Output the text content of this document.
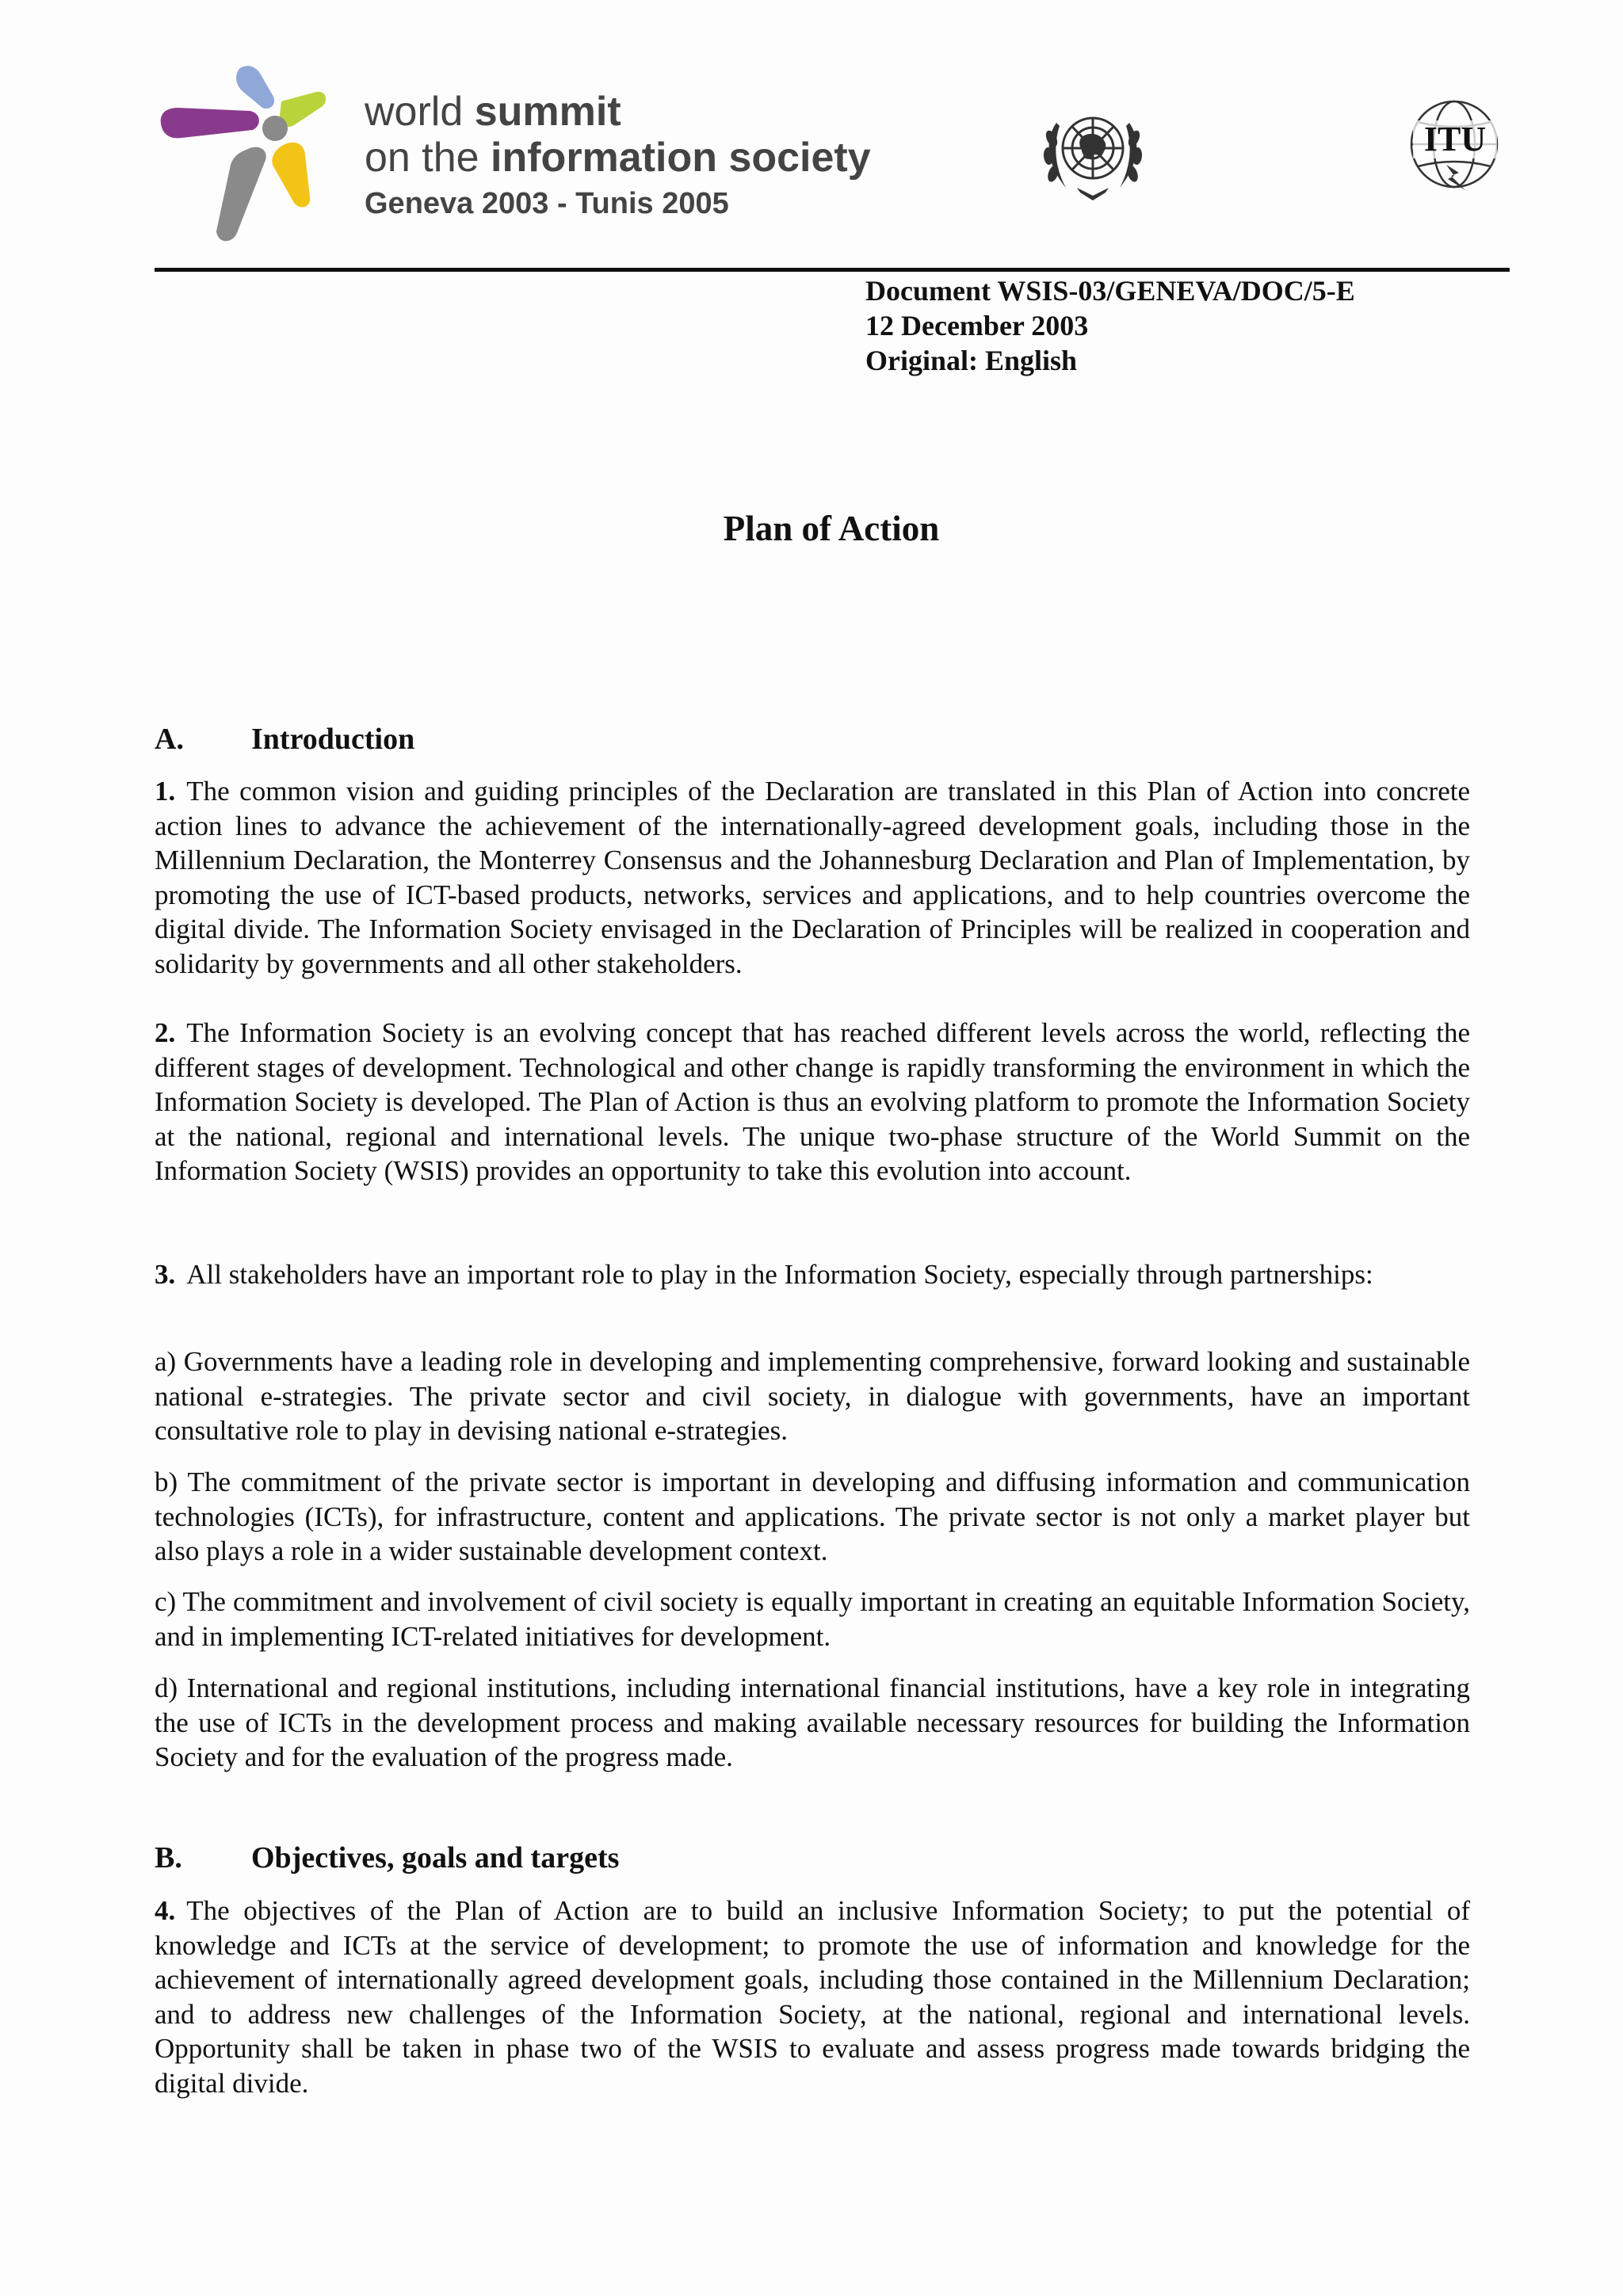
world summit
on the information society
Geneva 2003 - Tunis 2005
ITU
Document WSIS-03/GENEVA/DOC/5-E
12 December 2003
Original: English
Plan of Action
A. Introduction
1. The common vision and guiding principles of the Declaration are translated in this Plan of Action into concrete action lines to advance the achievement of the internationally-agreed development goals, including those in the Millennium Declaration, the Monterrey Consensus and the Johannesburg Declaration and Plan of Implementation, by promoting the use of ICT-based products, networks, services and applications, and to help countries overcome the digital divide. The Information Society envisaged in the Declaration of Principles will be realized in cooperation and solidarity by governments and all other stakeholders.
2. The Information Society is an evolving concept that has reached different levels across the world, reflecting the different stages of development. Technological and other change is rapidly transforming the environment in which the Information Society is developed. The Plan of Action is thus an evolving platform to promote the Information Society at the national, regional and international levels. The unique two-phase structure of the World Summit on the Information Society (WSIS) provides an opportunity to take this evolution into account.
3. All stakeholders have an important role to play in the Information Society, especially through partnerships:
a) Governments have a leading role in developing and implementing comprehensive, forward looking and sustainable national e-strategies. The private sector and civil society, in dialogue with governments, have an important consultative role to play in devising national e-strategies.
b) The commitment of the private sector is important in developing and diffusing information and communication technologies (ICTs), for infrastructure, content and applications. The private sector is not only a market player but also plays a role in a wider sustainable development context.
c) The commitment and involvement of civil society is equally important in creating an equitable Information Society, and in implementing ICT-related initiatives for development.
d) International and regional institutions, including international financial institutions, have a key role in integrating the use of ICTs in the development process and making available necessary resources for building the Information Society and for the evaluation of the progress made.
B. Objectives, goals and targets
4. The objectives of the Plan of Action are to build an inclusive Information Society; to put the potential of knowledge and ICTs at the service of development; to promote the use of information and knowledge for the achievement of internationally agreed development goals, including those contained in the Millennium Declaration; and to address new challenges of the Information Society, at the national, regional and international levels. Opportunity shall be taken in phase two of the WSIS to evaluate and assess progress made towards bridging the digital divide.
